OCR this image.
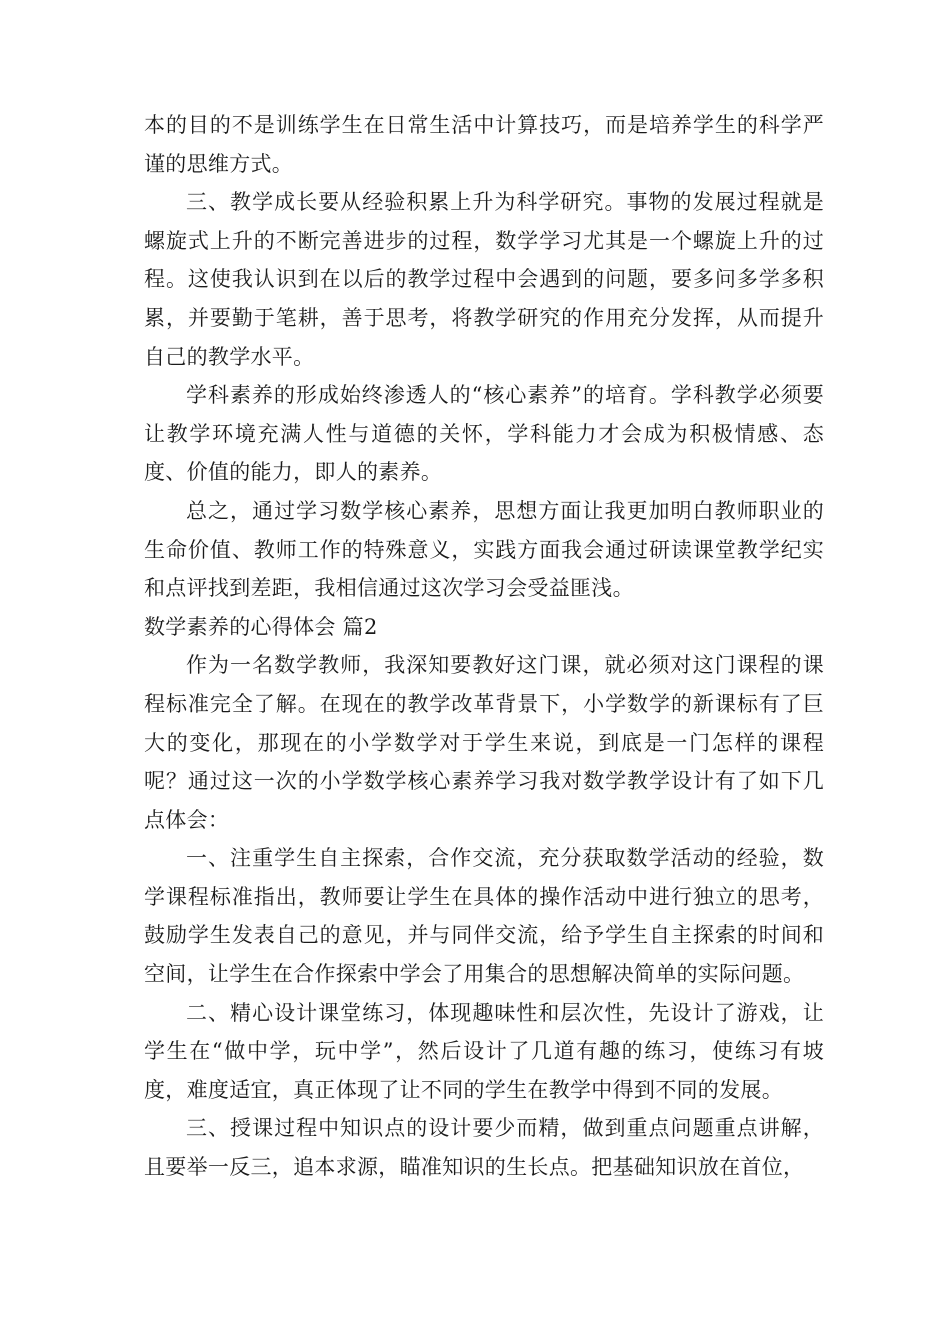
本的目的不是训练学生在日常生活中计算技巧，而是培养学生的科学严谨的思维方式。

三、教学成长要从经验积累上升为科学研究。事物的发展过程就是螺旋式上升的不断完善进步的过程，数学学习尤其是一个螺旋上升的过程。这使我认识到在以后的教学过程中会遇到的问题，要多问多学多积累，并要勤于笔耕，善于思考，将教学研究的作用充分发挥，从而提升自己的教学水平。

学科素养的形成始终渗透人的“核心素养”的培育。学科教学必须要让教学环境充满人性与道德的关怀，学科能力才会成为积极情感、态度、价值的能力，即人的素养。

总之，通过学习数学核心素养，思想方面让我更加明白教师职业的生命价值、教师工作的特殊意义，实践方面我会通过研读课堂教学纪实和点评找到差距，我相信通过这次学习会受益匪浅。

数学素养的心得体会 篇2

作为一名数学教师，我深知要教好这门课，就必须对这门课程的课程标准完全了解。在现在的教学改革背景下，小学数学的新课标有了巨大的变化，那现在的小学数学对于学生来说，到底是一门怎样的课程呢？通过这一次的小学数学核心素养学习我对数学教学设计有了如下几点体会：

一、注重学生自主探索，合作交流，充分获取数学活动的经验，数学课程标准指出，教师要让学生在具体的操作活动中进行独立的思考，鼓励学生发表自己的意见，并与同伴交流，给予学生自主探索的时间和空间，让学生在合作探索中学会了用集合的思想解决简单的实际问题。

二、精心设计课堂练习，体现趣味性和层次性，先设计了游戏，让学生在“做中学，玩中学”，然后设计了几道有趣的练习，使练习有坡度，难度适宜，真正体现了让不同的学生在教学中得到不同的发展。

三、授课过程中知识点的设计要少而精，做到重点问题重点讲解，且要举一反三，追本求源，瞄准知识的生长点。把基础知识放在首位，
